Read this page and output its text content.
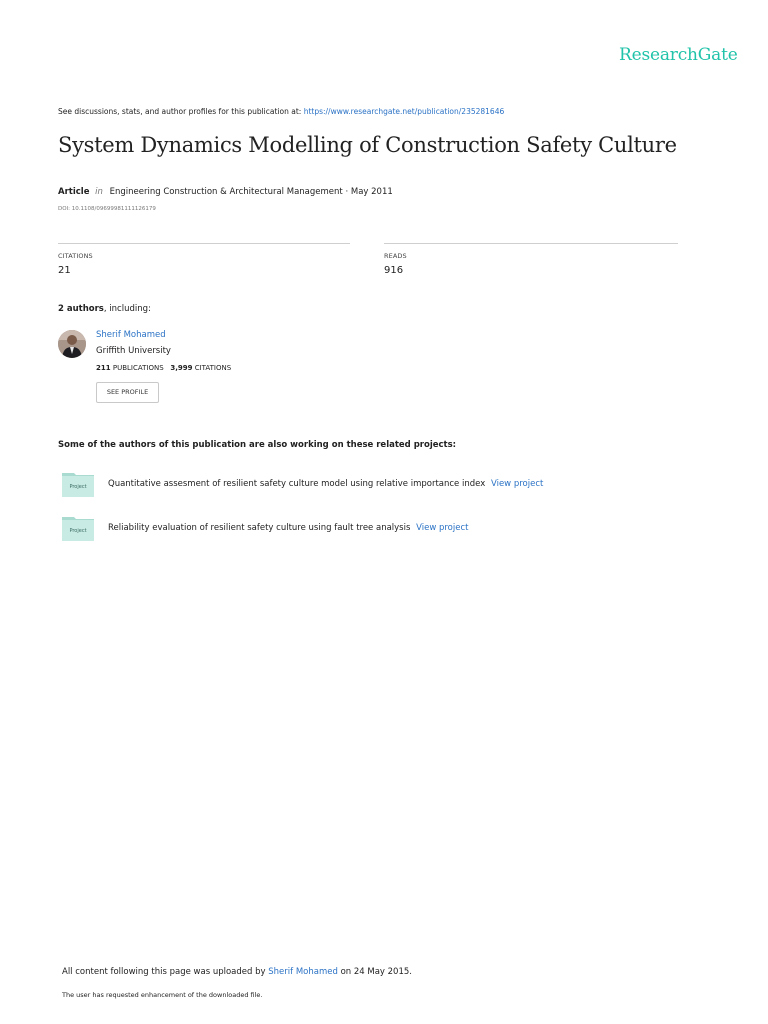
ResearchGate
See discussions, stats, and author profiles for this publication at: https://www.researchgate.net/publication/235281646
System Dynamics Modelling of Construction Safety Culture
Article in Engineering Construction & Architectural Management · May 2011
DOI: 10.1108/09699981111126179
CITATIONS
21
READS
916
2 authors, including:
Sherif Mohamed
Griffith University
211 PUBLICATIONS 3,999 CITATIONS
SEE PROFILE
Some of the authors of this publication are also working on these related projects:
Project	Quantitative assesment of resilient safety culture model using relative importance index View project
Project	Reliability evaluation of resilient safety culture using fault tree analysis View project
All content following this page was uploaded by Sherif Mohamed on 24 May 2015.
The user has requested enhancement of the downloaded file.
